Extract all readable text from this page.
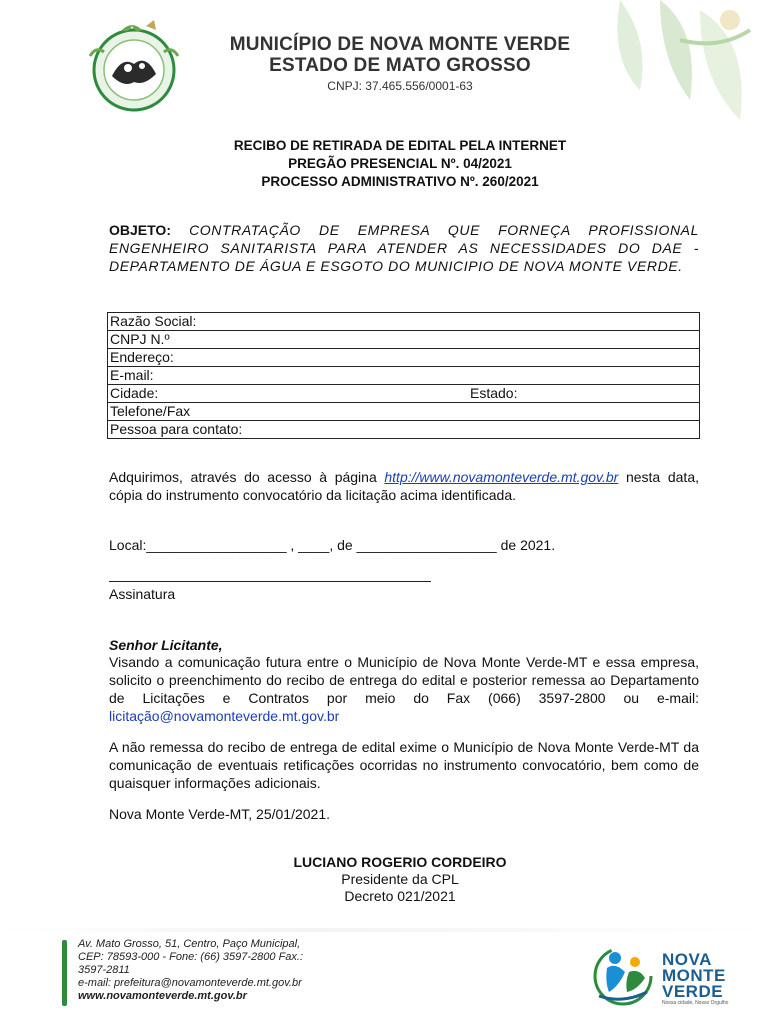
MUNICÍPIO DE NOVA MONTE VERDE
ESTADO DE MATO GROSSO
CNPJ: 37.465.556/0001-63
RECIBO DE RETIRADA DE EDITAL PELA INTERNET
PREGÃO PRESENCIAL Nº. 04/2021
PROCESSO ADMINISTRATIVO Nº. 260/2021
OBJETO: CONTRATAÇÃO DE EMPRESA QUE FORNEÇA PROFISSIONAL ENGENHEIRO SANITARISTA PARA ATENDER AS NECESSIDADES DO DAE - DEPARTAMENTO DE ÁGUA E ESGOTO DO MUNICIPIO DE NOVA MONTE VERDE.
Razão Social:
CNPJ N.º
Endereço:
E-mail:
Cidade:	Estado:

Telefone/Fax
Pessoa para contato:
Adquirimos, através do acesso à página http://www.novamonteverde.mt.gov.br nesta data, cópia do instrumento convocatório da licitação acima identificada.
Local:__________________ , ____, de __________________ de 2021.
Assinatura
Senhor Licitante,
Visando a comunicação futura entre o Município de Nova Monte Verde-MT e essa empresa, solicito o preenchimento do recibo de entrega do edital e posterior remessa ao Departamento de Licitações e Contratos por meio do Fax (066) 3597-2800 ou e-mail: licitação@novamonteverde.mt.gov.br
A não remessa do recibo de entrega de edital exime o Município de Nova Monte Verde-MT da comunicação de eventuais retificações ocorridas no instrumento convocatório, bem como de quaisquer informações adicionais.
Nova Monte Verde-MT, 25/01/2021.
LUCIANO ROGERIO CORDEIRO
Presidente da CPL
Decreto 021/2021
Av. Mato Grosso, 51, Centro, Paço Municipal,
CEP: 78593-000 - Fone: (66) 3597-2800 Fax.:
3597-2811
e-mail: prefeitura@novamonteverde.mt.gov.br
www.novamonteverde.mt.gov.br
NOVA
MONTE
VERDE
Nossa cidade, Nosso Orgulho
